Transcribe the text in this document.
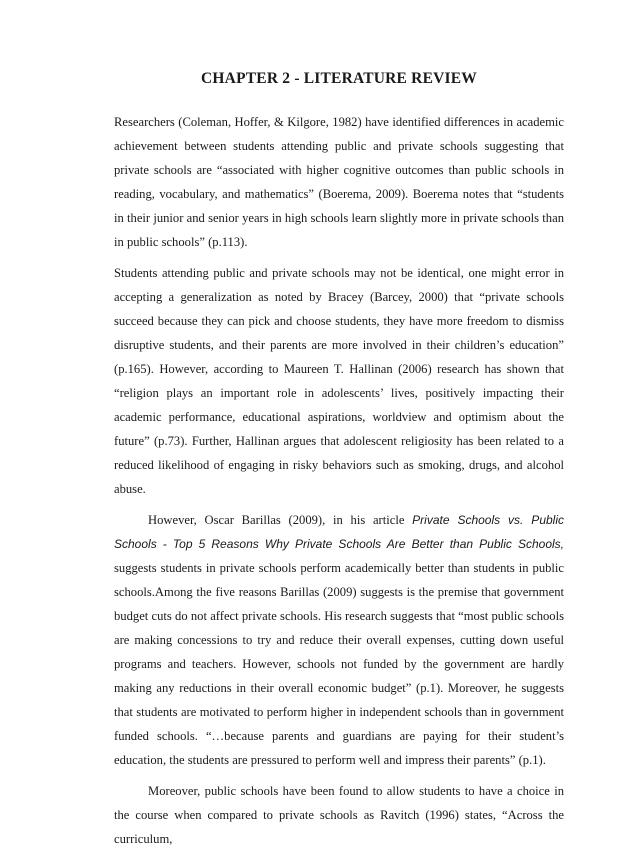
CHAPTER 2 - LITERATURE REVIEW

Researchers (Coleman, Hoffer, & Kilgore, 1982) have identified differences in academic achievement between students attending public and private schools suggesting that private schools are “associated with higher cognitive outcomes than public schools in reading, vocabulary, and mathematics” (Boerema, 2009). Boerema notes that “students in their junior and senior years in high schools learn slightly more in private schools than in public schools” (p.113).

Students attending public and private schools may not be identical, one might error in accepting a generalization as noted by Bracey (Barcey, 2000) that “private schools succeed because they can pick and choose students, they have more freedom to dismiss disruptive students, and their parents are more involved in their children’s education” (p.165). However, according to Maureen T. Hallinan (2006) research has shown that “religion plays an important role in adolescents’ lives, positively impacting their academic performance, educational aspirations, worldview and optimism about the future” (p.73). Further, Hallinan argues that adolescent religiosity has been related to a reduced likelihood of engaging in risky behaviors such as smoking, drugs, and alcohol abuse.

However, Oscar Barillas (2009), in his article Private Schools vs. Public Schools - Top 5 Reasons Why Private Schools Are Better than Public Schools, suggests students in private schools perform academically better than students in public schools.Among the five reasons Barillas (2009) suggests is the premise that government budget cuts do not affect private schools. His research suggests that “most public schools are making concessions to try and reduce their overall expenses, cutting down useful programs and teachers. However, schools not funded by the government are hardly making any reductions in their overall economic budget” (p.1). Moreover, he suggests that students are motivated to perform higher in independent schools than in government funded schools. “…because parents and guardians are paying for their student’s education, the students are pressured to perform well and impress their parents” (p.1).

Moreover, public schools have been found to allow students to have a choice in the course when compared to private schools as Ravitch (1996) states, “Across the curriculum,
